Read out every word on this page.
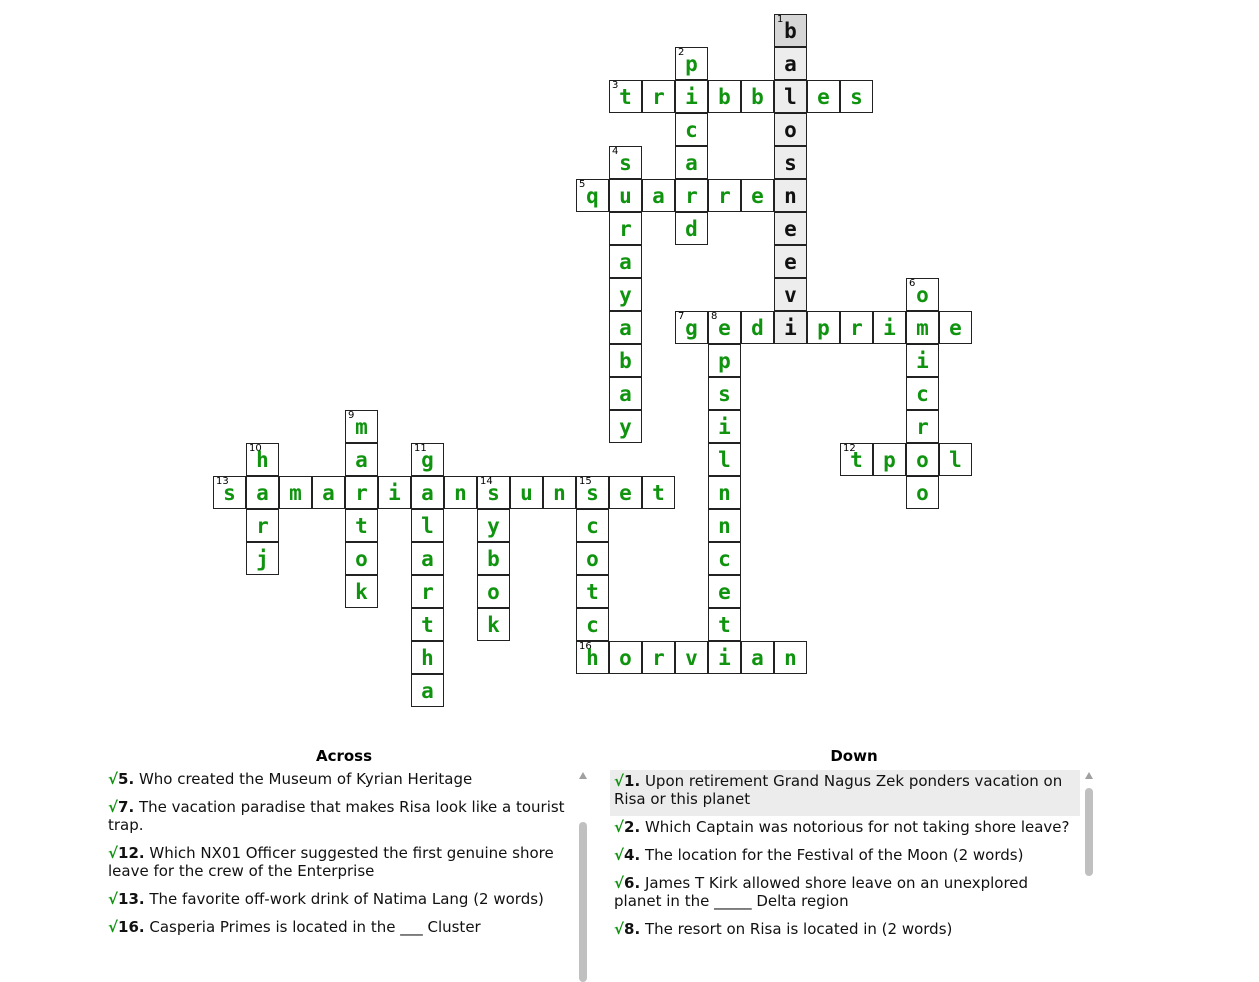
1 b
2 p	a
3 t r i b b l e s
c	o
4 s	a	s
5 q u a r r e n
r	d	e
a	e
y	v	6 o
a	7 g	8 e d i p r i m e
b	p	i
a	s	c
9 m	y	i	r
10
h	a	11
g	l	12
t p o l
13
s a m a r i a n	14
s u n	15
s e t	o
n
r	t	l	y	c	n
j	o	a	b	o	c
k	r	o	t	e
t	k	c	t
h	16
h o r v i a n
a
Across
√5. Who created the Museum of Kyrian Heritage
√7. The vacation paradise that makes Risa look like a tourist trap.
√12. Which NX01 Officer suggested the first genuine shore leave for the crew of the Enterprise
√13. The favorite off-work drink of Natima Lang (2 words)
√16. Casperia Primes is located in the ___ Cluster
Down
√1. Upon retirement Grand Nagus Zek ponders vacation on Risa or this planet
√2. Which Captain was notorious for not taking shore leave?
√4. The location for the Festival of the Moon (2 words)
√6. James T Kirk allowed shore leave on an unexplored planet in the _____ Delta region
√8. The resort on Risa is located in (2 words)
